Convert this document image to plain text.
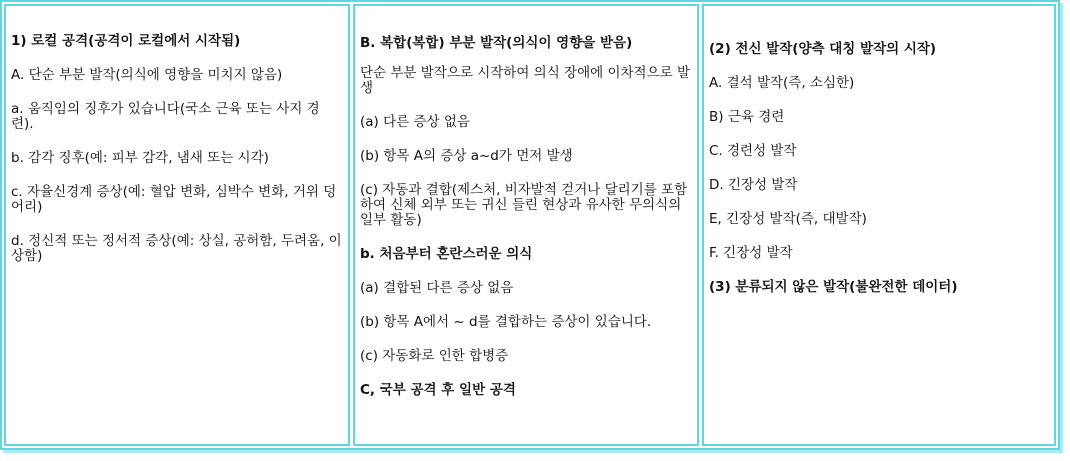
1) 로컬 공격(공격이 로컬에서 시작됨)
A. 단순 부분 발작(의식에 영향을 미치지 않음)
a. 움직임의 징후가 있습니다(국소 근육 또는 사지 경련).
b. 감각 징후(예: 피부 감각, 냄새 또는 시각)
c. 자율신경계 증상(예: 혈압 변화, 심박수 변화, 거위 덩어리)
d. 정신적 또는 정서적 증상(예: 상실, 공허함, 두려움, 이상함)
B. 복합(복합) 부분 발작(의식이 영향을 받음)
단순 부분 발작으로 시작하여 의식 장애에 이차적으로 발생
(a) 다른 증상 없음
(b) 항목 A의 증상 a~d가 먼저 발생
(c) 자동과 결합(제스처, 비자발적 걷거나 달리기를 포함하여 신체 외부 또는 귀신 들린 현상과 유사한 무의식의 일부 활동)
b. 처음부터 혼란스러운 의식
(a) 결합된 다른 증상 없음
(b) 항목 A에서 ~ d를 결합하는 증상이 있습니다.
(c) 자동화로 인한 합병증
C, 국부 공격 후 일반 공격
(2) 전신 발작(양측 대칭 발작의 시작)
A. 결석 발작(즉, 소심한)
B) 근육 경련
C. 경련성 발작
D. 긴장성 발작
E, 긴장성 발작(즉, 대발작)
F. 긴장성 발작
(3) 분류되지 않은 발작(불완전한 데이터)
